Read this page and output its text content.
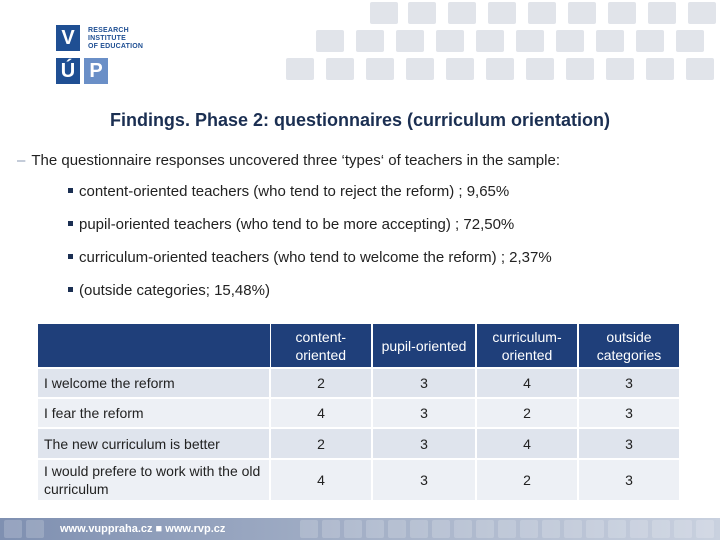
V
Ú P
RESEARCH
INSTITUTE
OF EDUCATION
Findings. Phase 2: questionnaires (curriculum orientation)
– The questionnaire responses uncovered three ‘types‘ of teachers in the sample:
content-oriented teachers (who tend to reject the reform) ; 9,65%
pupil-oriented teachers (who tend to be more accepting) ; 72,50%
curriculum-oriented teachers (who tend to welcome the reform) ; 2,37%
(outside categories; 15,48%)
	content-oriented	pupil-oriented	curriculum-oriented	outside categories
I welcome the reform	2	3	4	3
I fear the reform	4	3	2	3
The new curriculum is better	2	3	4	3
I would prefere to work with the old curriculum	4	3	2	3
www.vuppraha.cz ■ www.rvp.cz
